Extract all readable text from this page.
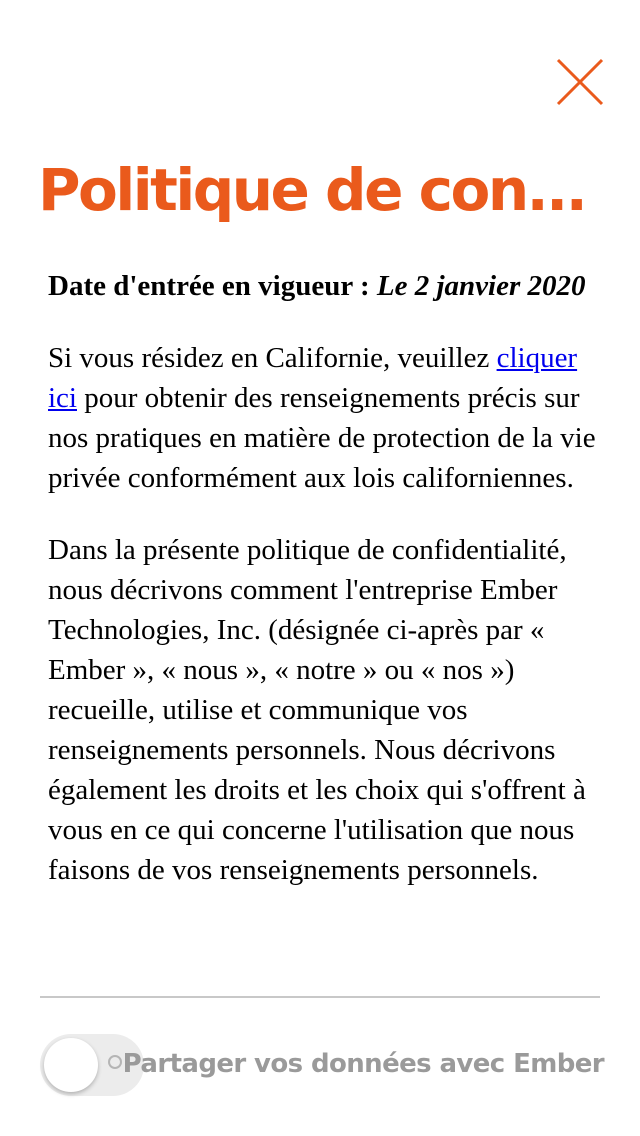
Politique de con...

Date d'entrée en vigueur : Le 2 janvier 2020

Si vous résidez en Californie, veuillez cliquer ici pour obtenir des renseignements précis sur nos pratiques en matière de protection de la vie privée conformément aux lois californiennes.

Dans la présente politique de confidentialité, nous décrivons comment l'entreprise Ember Technologies, Inc. (désignée ci-après par « Ember », « nous », « notre » ou « nos ») recueille, utilise et communique vos renseignements personnels. Nous décrivons également les droits et les choix qui s'offrent à vous en ce qui concerne l'utilisation que nous faisons de vos renseignements personnels.

Partager vos données avec Ember
